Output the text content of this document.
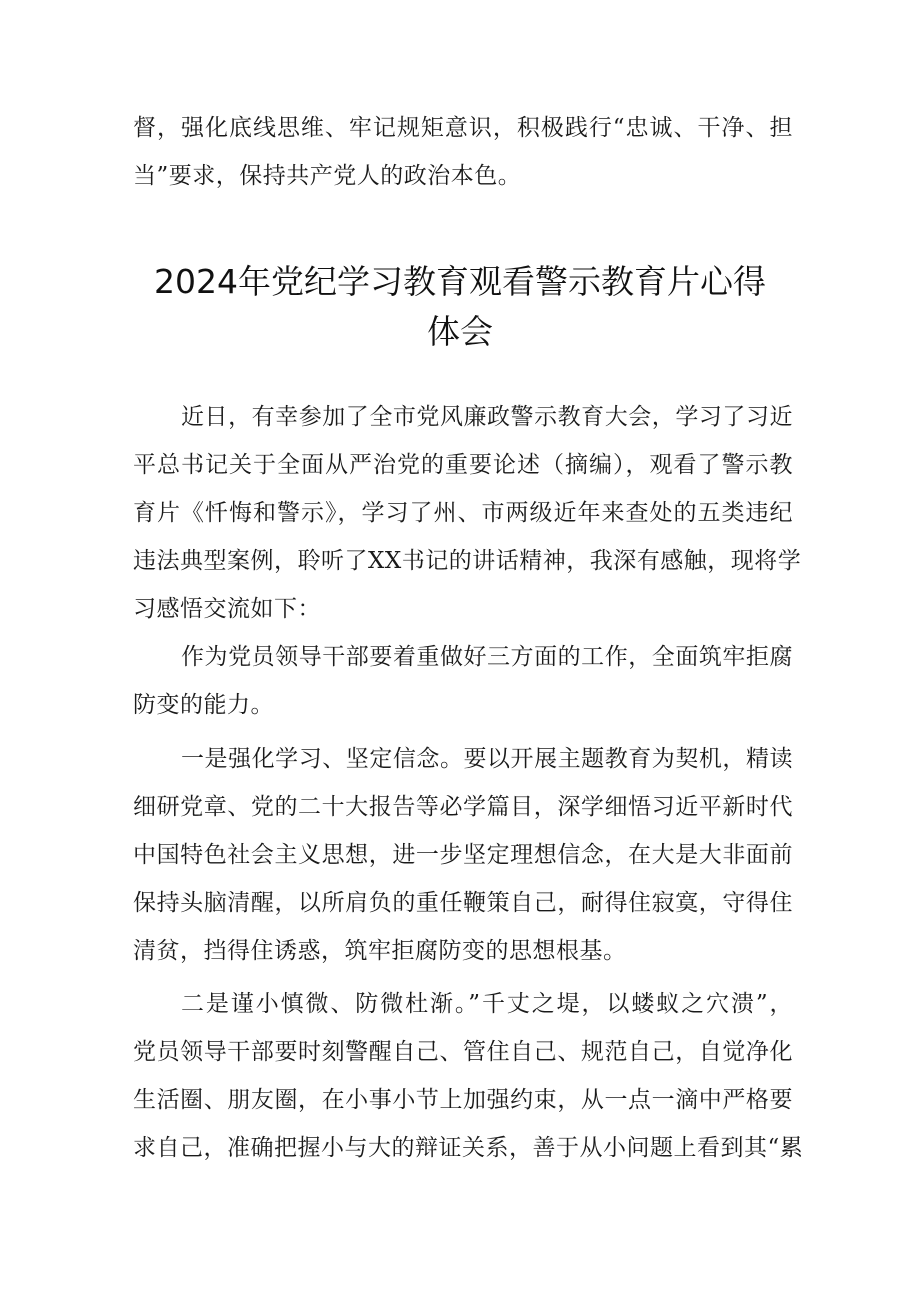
督，强化底线思维、牢记规矩意识，积极践行“忠诚、干净、担
当”要求，保持共产党人的政治本色。
2024年党纪学习教育观看警示教育片心得
体会
近日，有幸参加了全市党风廉政警示教育大会，学习了习近
平总书记关于全面从严治党的重要论述（摘编），观看了警示教
育片《忏悔和警示》，学习了州、市两级近年来查处的五类违纪
违法典型案例，聆听了XX书记的讲话精神，我深有感触，现将学
习感悟交流如下：
作为党员领导干部要着重做好三方面的工作，全面筑牢拒腐
防变的能力。
一是强化学习、坚定信念。要以开展主题教育为契机，精读
细研党章、党的二十大报告等必学篇目，深学细悟习近平新时代
中国特色社会主义思想，进一步坚定理想信念，在大是大非面前
保持头脑清醒，以所肩负的重任鞭策自己，耐得住寂寞，守得住
清贫，挡得住诱惑，筑牢拒腐防变的思想根基。
二是谨小慎微、防微杜渐。”千丈之堤，以蝼蚁之穴溃”，
党员领导干部要时刻警醒自己、管住自己、规范自己，自觉净化
生活圈、朋友圈，在小事小节上加强约束，从一点一滴中严格要
求自己，准确把握小与大的辩证关系，善于从小问题上看到其“累
